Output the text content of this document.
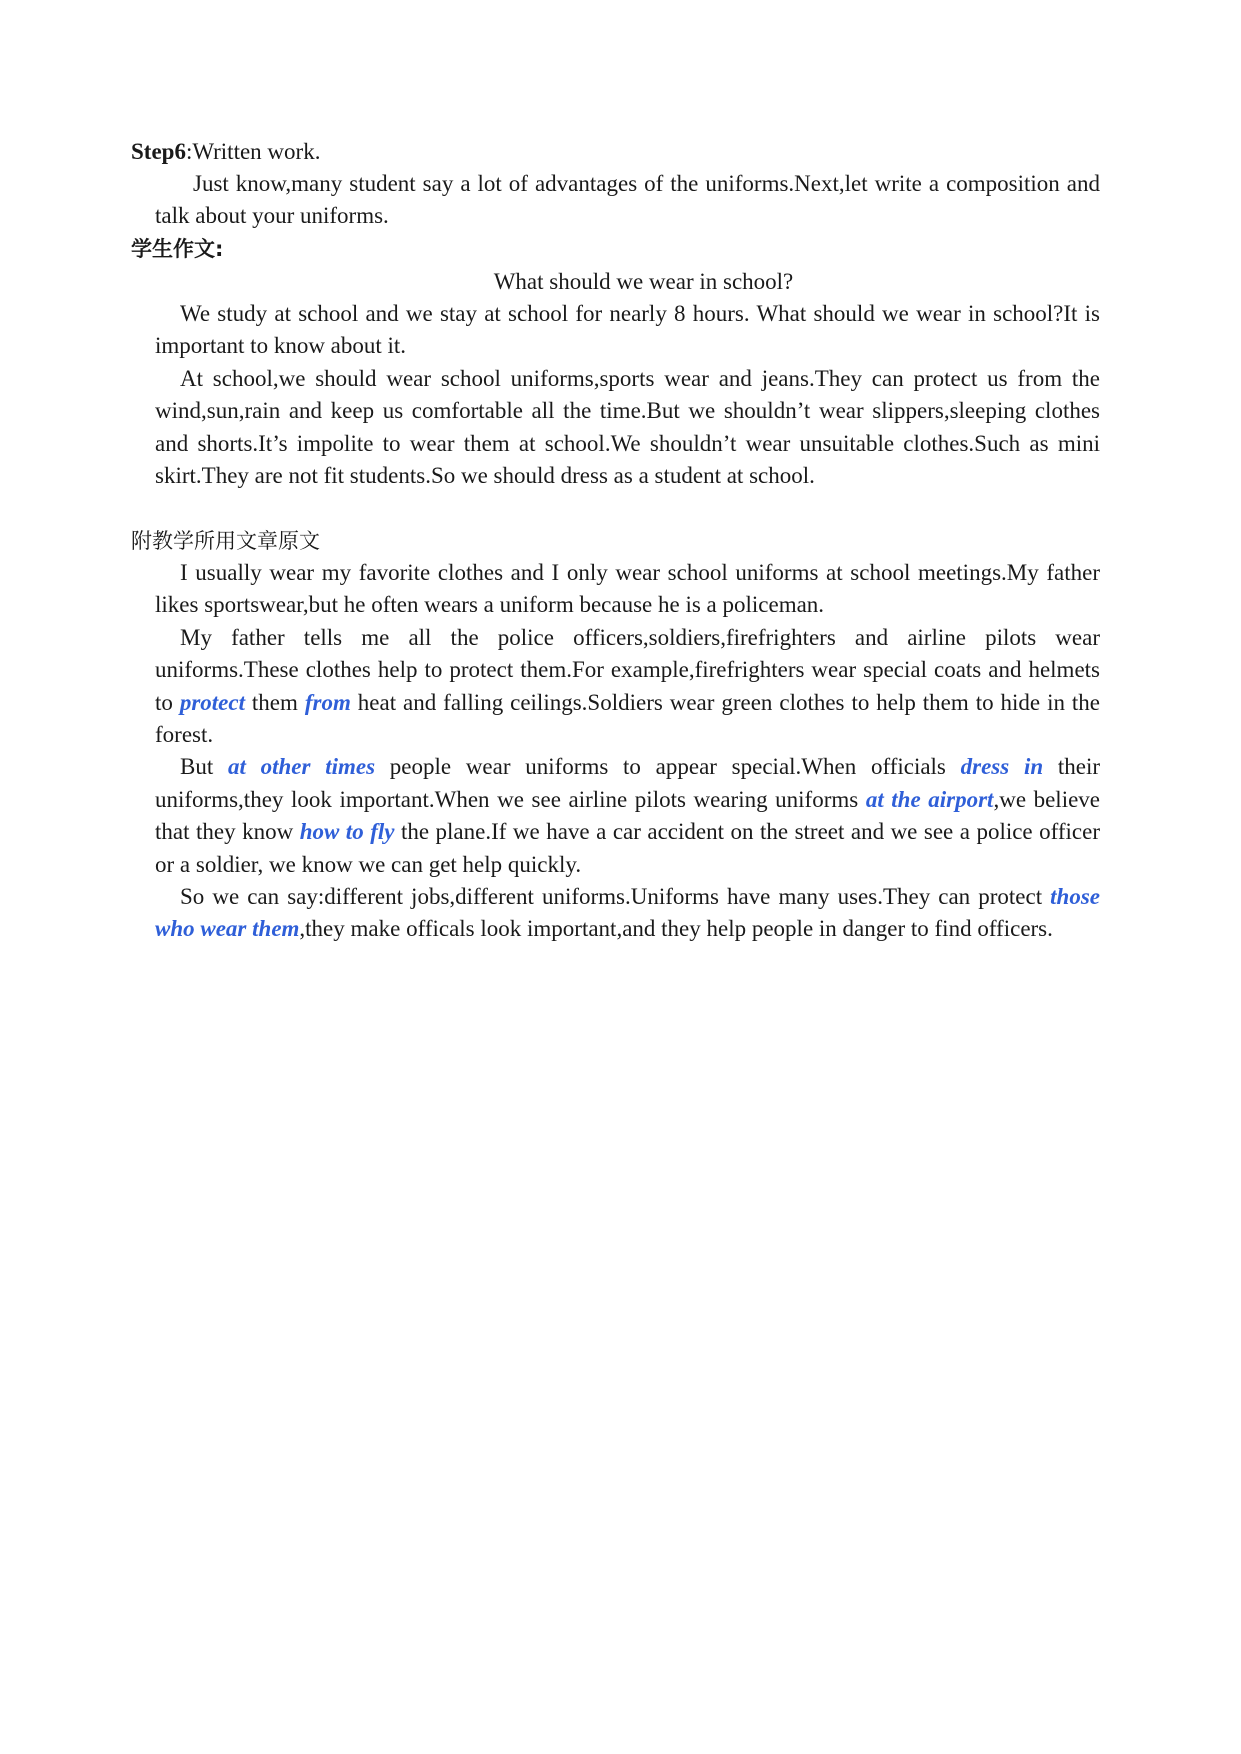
Step6:Written work.

Just know,many student say a lot of advantages of the uniforms.Next,let write a composition and talk about your uniforms.

学生作文:
What should we wear in school?

We study at school and we stay at school for nearly 8 hours. What should we wear in school?It is important to know about it.

At school,we should wear school uniforms,sports wear and jeans.They can protect us from the wind,sun,rain and keep us comfortable all the time.But we shouldn’t wear slippers,sleeping clothes and shorts.It’s impolite to wear them at school.We shouldn’t wear unsuitable clothes.Such as mini skirt.They are not fit students.So we should dress as a student at school.

附教学所用文章原文

I usually wear my favorite clothes and I only wear school uniforms at school meetings.My father likes sportswear,but he often wears a uniform because he is a policeman.

My father tells me all the police officers,soldiers,firefrighters and airline pilots wear uniforms.These clothes help to protect them.For example,firefrighters wear special coats and helmets to protect them from heat and falling ceilings.Soldiers wear green clothes to help them to hide in the forest.

But at other times people wear uniforms to appear special.When officials dress in their uniforms,they look important.When we see airline pilots wearing uniforms at the airport,we believe that they know how to fly the plane.If we have a car accident on the street and we see a police officer or a soldier, we know we can get help quickly.

So we can say:different jobs,different uniforms.Uniforms have many uses.They can protect those who wear them,they make officals look important,and they help people in danger to find officers.
